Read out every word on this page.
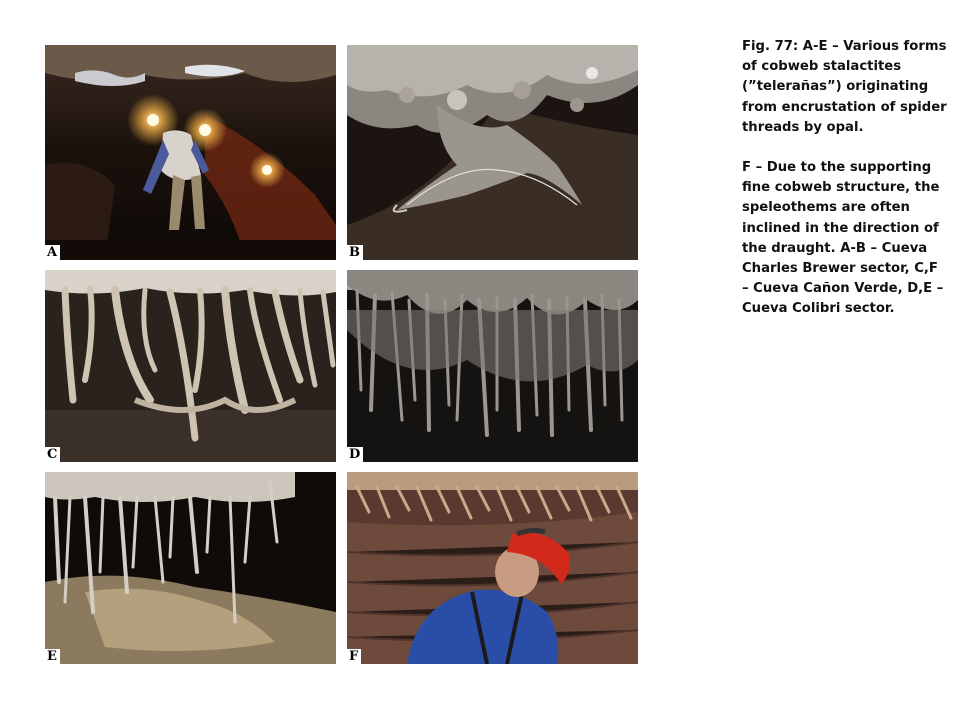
A	B
C	D
E	F

Fig. 77: A-E – Various forms of cobweb stalactites (”telerañas”) originating from encrustation of spider threads by opal.

F – Due to the supporting fine cobweb structure, the speleothems are often inclined in the direction of the draught. A-B – Cueva Charles Brewer sector, C,F – Cueva Cañon Verde, D,E – Cueva Colibri sector.
